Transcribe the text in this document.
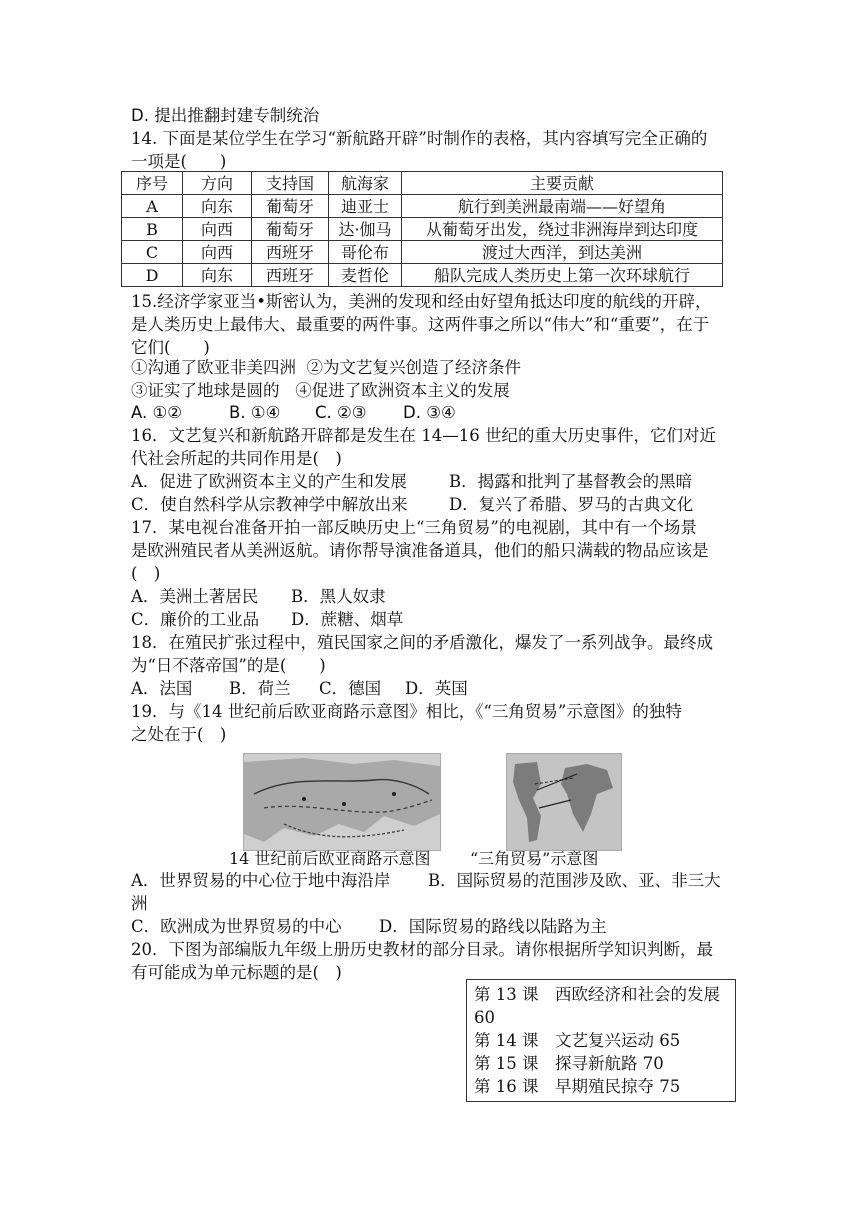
D. 提出推翻封建专制统治
14. 下面是某位学生在学习“新航路开辟”时制作的表格，其内容填写完全正确的
一项是(　　)
序号	方向	支持国	航海家	主要贡献
A	向东	葡萄牙	迪亚士	航行到美洲最南端——好望角
B	向西	葡萄牙	达·伽马	从葡萄牙出发，绕过非洲海岸到达印度
C	向西	西班牙	哥伦布	渡过大西洋，到达美洲
D	向东	西班牙	麦哲伦	船队完成人类历史上第一次环球航行
15.经济学家亚当•斯密认为，美洲的发现和经由好望角抵达印度的航线的开辟，
是人类历史上最伟大、最重要的两件事。这两件事之所以“伟大”和“重要”，在于
它们(　　)
①沟通了欧亚非美四洲 ②为文艺复兴创造了经济条件
③证实了地球是圆的 ④促进了欧洲资本主义的发展
A. ①②	B. ①④ C. ②③ D. ③④
16．文艺复兴和新航路开辟都是发生在 14—16 世纪的重大历史事件，它们对近
代社会所起的共同作用是(　)
A．促进了欧洲资本主义的产生和发展	B．揭露和批判了基督教会的黑暗
C．使自然科学从宗教神学中解放出来	D．复兴了希腊、罗马的古典文化
17．某电视台准备开拍一部反映历史上“三角贸易”的电视剧，其中有一个场景
是欧洲殖民者从美洲返航。请你帮导演准备道具，他们的船只满载的物品应该是
(　)
A．美洲土著居民 B．黑人奴隶
C．廉价的工业品 D．蔗糖、烟草
18．在殖民扩张过程中，殖民国家之间的矛盾激化，爆发了一系列战争。最终成
为“日不落帝国”的是(　　)
A．法国 B．荷兰 C．德国 D．英国
19．与《14 世纪前后欧亚商路示意图》相比，《“三角贸易”示意图》的独特
之处在于(　)
14 世纪前后欧亚商路示意图 “三角贸易”示意图
A．世界贸易的中心位于地中海沿岸 B．国际贸易的范围涉及欧、亚、非三大
洲
C．欧洲成为世界贸易的中心 D．国际贸易的路线以陆路为主
20．下图为部编版九年级上册历史教材的部分目录。请你根据所学知识判断，最
有可能成为单元标题的是(　)
第 13 课　西欧经济和社会的发展
60
第 14 课　文艺复兴运动 65
第 15 课　探寻新航路 70
第 16 课　早期殖民掠夺 75
